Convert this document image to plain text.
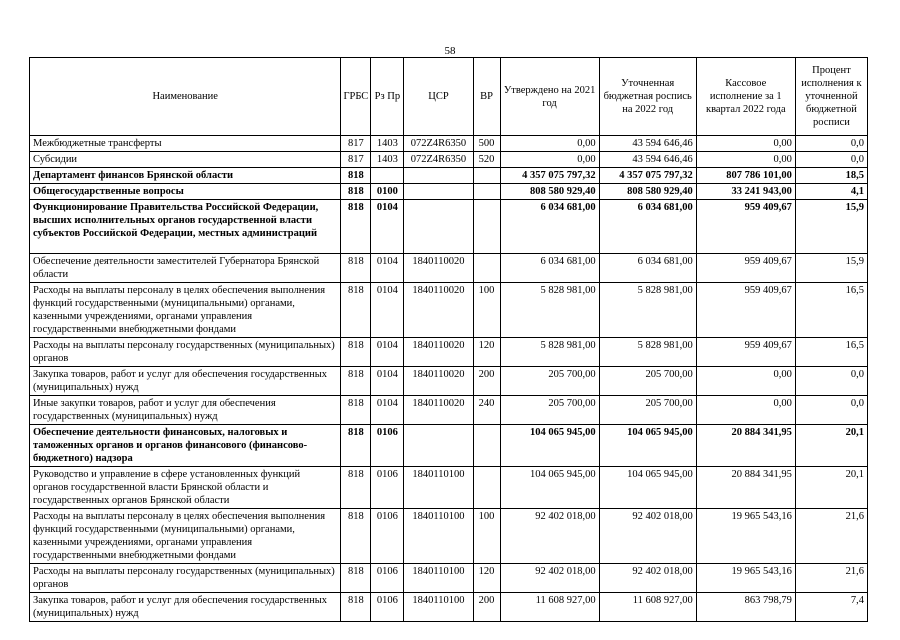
58
Наименование	ГРБС	Рз Пр	ЦСР	ВР	Утверждено на 2021 год	Уточненная бюджетная роспись на 2022 год	Кассовое исполнение за 1 квартал 2022 года	Процент исполнения к уточненной бюджетной росписи
Межбюджетные трансферты	817	1403	072Z4R6350	500	0,00	43 594 646,46	0,00	0,0
Субсидии	817	1403	072Z4R6350	520	0,00	43 594 646,46	0,00	0,0
Департамент финансов Брянской области	818				4 357 075 797,32	4 357 075 797,32	807 786 101,00	18,5
Общегосударственные вопросы	818	0100			808 580 929,40	808 580 929,40	33 241 943,00	4,1
Функционирование Правительства Российской Федерации, высших исполнительных органов государственной власти субъектов Российской Федерации, местных администраций	818	0104			6 034 681,00	6 034 681,00	959 409,67	15,9
Обеспечение деятельности заместителей Губернатора Брянской области	818	0104	1840110020		6 034 681,00	6 034 681,00	959 409,67	15,9
Расходы на выплаты персоналу в целях обеспечения выполнения функций государственными (муниципальными) органами, казенными учреждениями, органами управления государственными внебюджетными фондами	818	0104	1840110020	100	5 828 981,00	5 828 981,00	959 409,67	16,5
Расходы на выплаты персоналу государственных (муниципальных) органов	818	0104	1840110020	120	5 828 981,00	5 828 981,00	959 409,67	16,5
Закупка товаров, работ и услуг для обеспечения государственных (муниципальных) нужд	818	0104	1840110020	200	205 700,00	205 700,00	0,00	0,0
Иные закупки товаров, работ и услуг для обеспечения государственных (муниципальных) нужд	818	0104	1840110020	240	205 700,00	205 700,00	0,00	0,0
Обеспечение деятельности финансовых, налоговых и таможенных органов и органов финансового (финансово-бюджетного) надзора	818	0106			104 065 945,00	104 065 945,00	20 884 341,95	20,1
Руководство и управление в сфере установленных функций органов государственной власти Брянской области и государственных органов Брянской области	818	0106	1840110100		104 065 945,00	104 065 945,00	20 884 341,95	20,1
Расходы на выплаты персоналу в целях обеспечения выполнения функций государственными (муниципальными) органами, казенными учреждениями, органами управления государственными внебюджетными фондами	818	0106	1840110100	100	92 402 018,00	92 402 018,00	19 965 543,16	21,6
Расходы на выплаты персоналу государственных (муниципальных) органов	818	0106	1840110100	120	92 402 018,00	92 402 018,00	19 965 543,16	21,6
Закупка товаров, работ и услуг для обеспечения государственных (муниципальных) нужд	818	0106	1840110100	200	11 608 927,00	11 608 927,00	863 798,79	7,4
